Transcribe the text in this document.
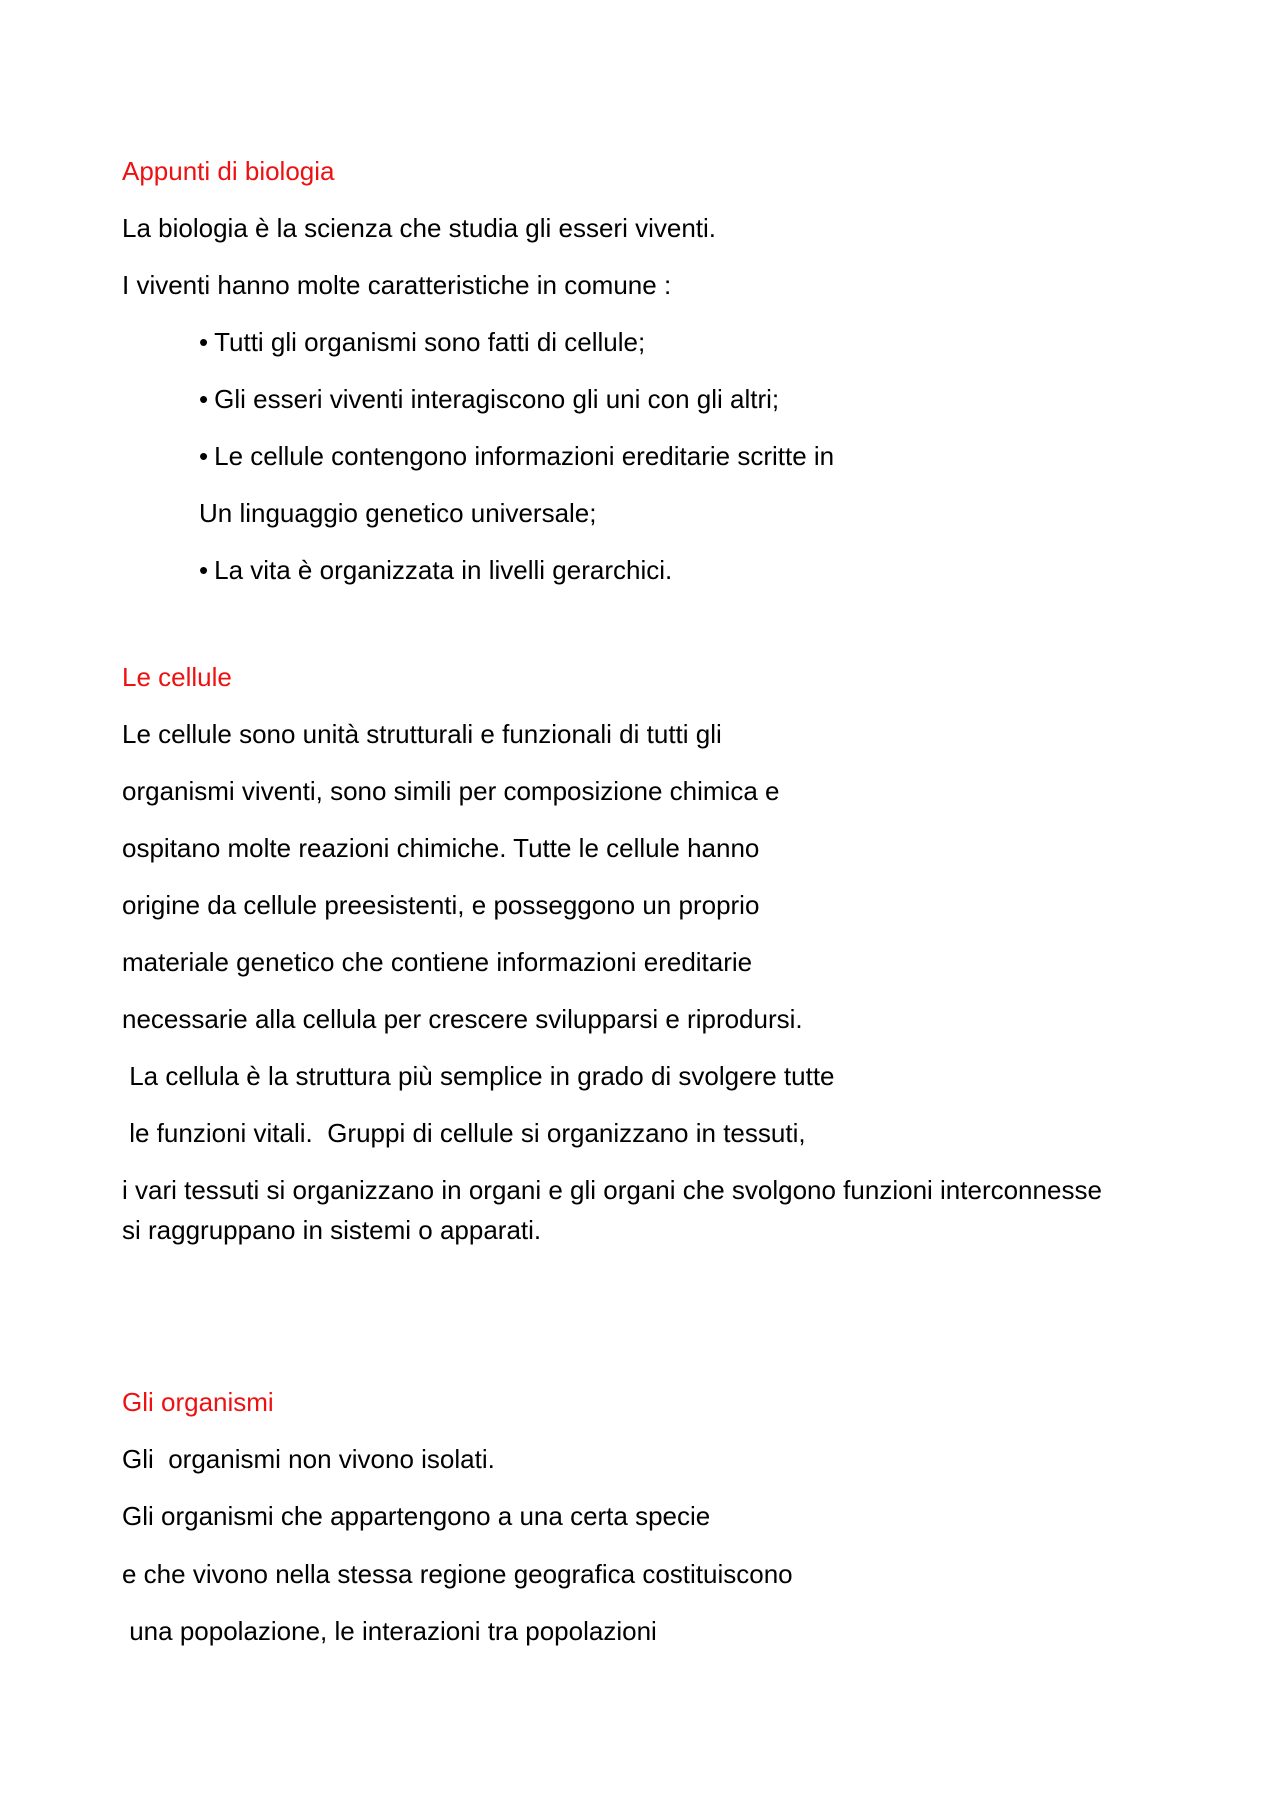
Appunti di biologia

La biologia è la scienza che studia gli esseri viventi.

I viventi hanno molte caratteristiche in comune :

• Tutti gli organismi sono fatti di cellule;

• Gli esseri viventi interagiscono gli uni con gli altri;

• Le cellule contengono informazioni ereditarie scritte in

Un linguaggio genetico universale;

• La vita è organizzata in livelli gerarchici.

Le cellule

Le cellule sono unità strutturali e funzionali di tutti gli

organismi viventi, sono simili per composizione chimica e

ospitano molte reazioni chimiche. Tutte le cellule hanno

origine da cellule preesistenti, e posseggono un proprio

materiale genetico che contiene informazioni ereditarie

necessarie alla cellula per crescere svilupparsi e riprodursi.

La cellula è la struttura più semplice in grado di svolgere tutte

le funzioni vitali.  Gruppi di cellule si organizzano in tessuti,

i vari tessuti si organizzano in organi e gli organi che svolgono funzioni interconnesse

si raggruppano in sistemi o apparati.

Gli organismi

Gli  organismi non vivono isolati.

Gli organismi che appartengono a una certa specie

e che vivono nella stessa regione geografica costituiscono

una popolazione, le interazioni tra popolazioni
